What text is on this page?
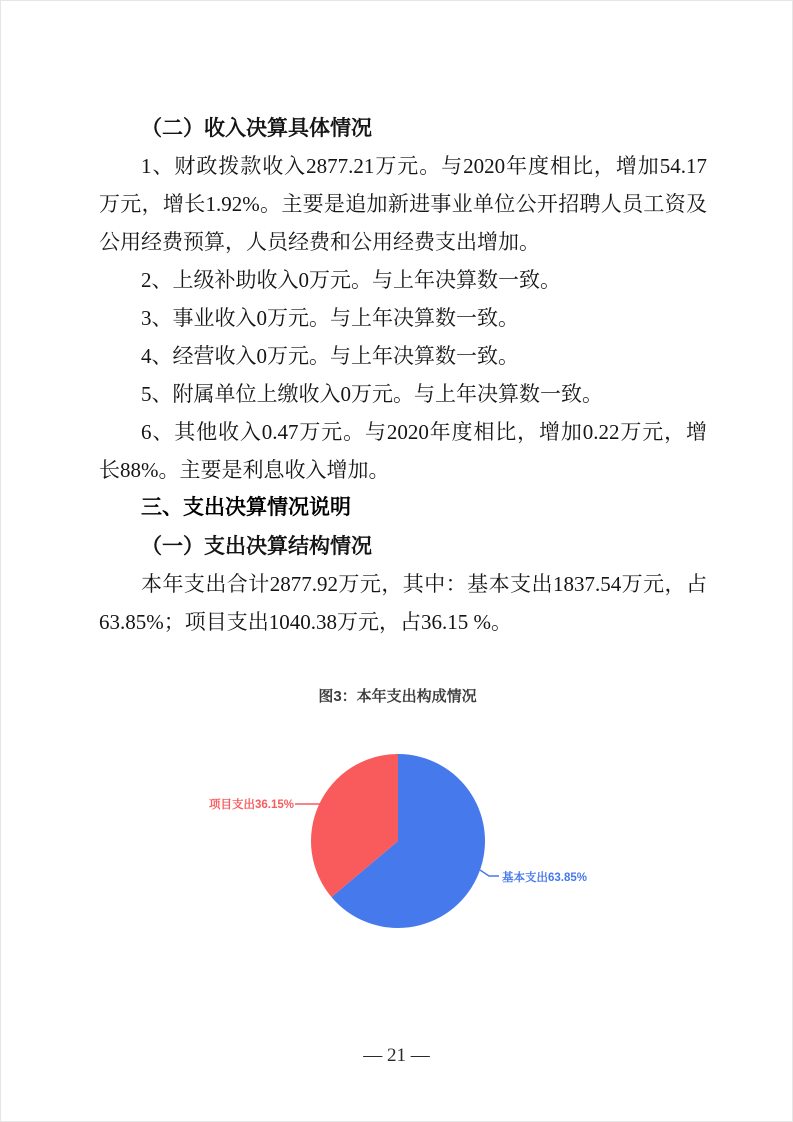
（二）收入决算具体情况

1、财政拨款收入2877.21万元。与2020年度相比，增加54.17万元，增长1.92%。主要是追加新进事业单位公开招聘人员工资及公用经费预算，人员经费和公用经费支出增加。

2、上级补助收入0万元。与上年决算数一致。

3、事业收入0万元。与上年决算数一致。

4、经营收入0万元。与上年决算数一致。

5、附属单位上缴收入0万元。与上年决算数一致。

6、其他收入0.47万元。与2020年度相比，增加0.22万元，增长88%。主要是利息收入增加。

三、支出决算情况说明

（一）支出决算结构情况

本年支出合计2877.92万元，其中：基本支出1837.54万元，占63.85%；项目支出1040.38万元，占36.15 %。

图3：本年支出构成情况
项目支出36.15%
基本支出63.85%
— 21 —
